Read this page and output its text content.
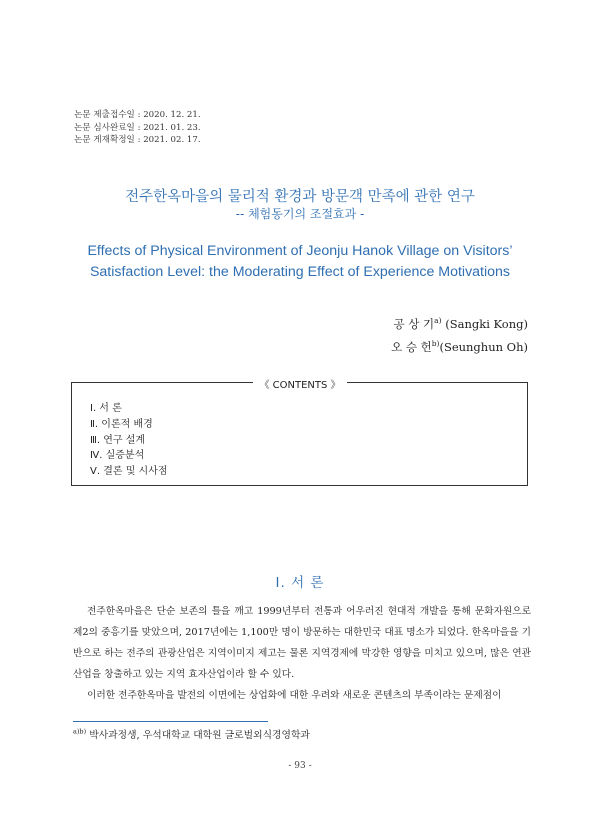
논문 제출접수일 : 2020. 12. 21.
논문 심사완료일 : 2021. 01. 23.
논문 게재확정일 : 2021. 02. 17.
전주한옥마을의 물리적 환경과 방문객 만족에 관한 연구
-- 체험동기의 조절효과 -
Effects of Physical Environment of Jeonju Hanok Village on Visitors’
Satisfaction Level: the Moderating Effect of Experience Motivations
공 상 기$^{a)}$ (Sangki Kong)
오 승 헌$^{b)}$(Seunghun Oh)
《 CONTENTS 》
Ⅰ. 서 론
Ⅱ. 이론적 배경
Ⅲ. 연구 설계
Ⅳ. 실증분석
Ⅴ. 결론 및 시사점
Ⅰ. 서 론

전주한옥마을은 단순 보존의 틀을 깨고 1999년부터 전통과 어우러진 현대적 개발을 통해 문화자원으로 제2의 중흥기를 맞았으며, 2017년에는 1,100만 명이 방문하는 대한민국 대표 명소가 되었다. 한옥마을을 기반으로 하는 전주의 관광산업은 지역이미지 제고는 물론 지역경제에 막강한 영향을 미치고 있으며, 많은 연관 산업을 창출하고 있는 지역 효자산업이라 할 수 있다.

이러한 전주한옥마을 발전의 이면에는 상업화에 대한 우려와 새로운 콘텐츠의 부족이라는 문제점이

$^{a)b)}$ 박사과정생, 우석대학교 대학원 글로벌외식경영학과
- 93 -
